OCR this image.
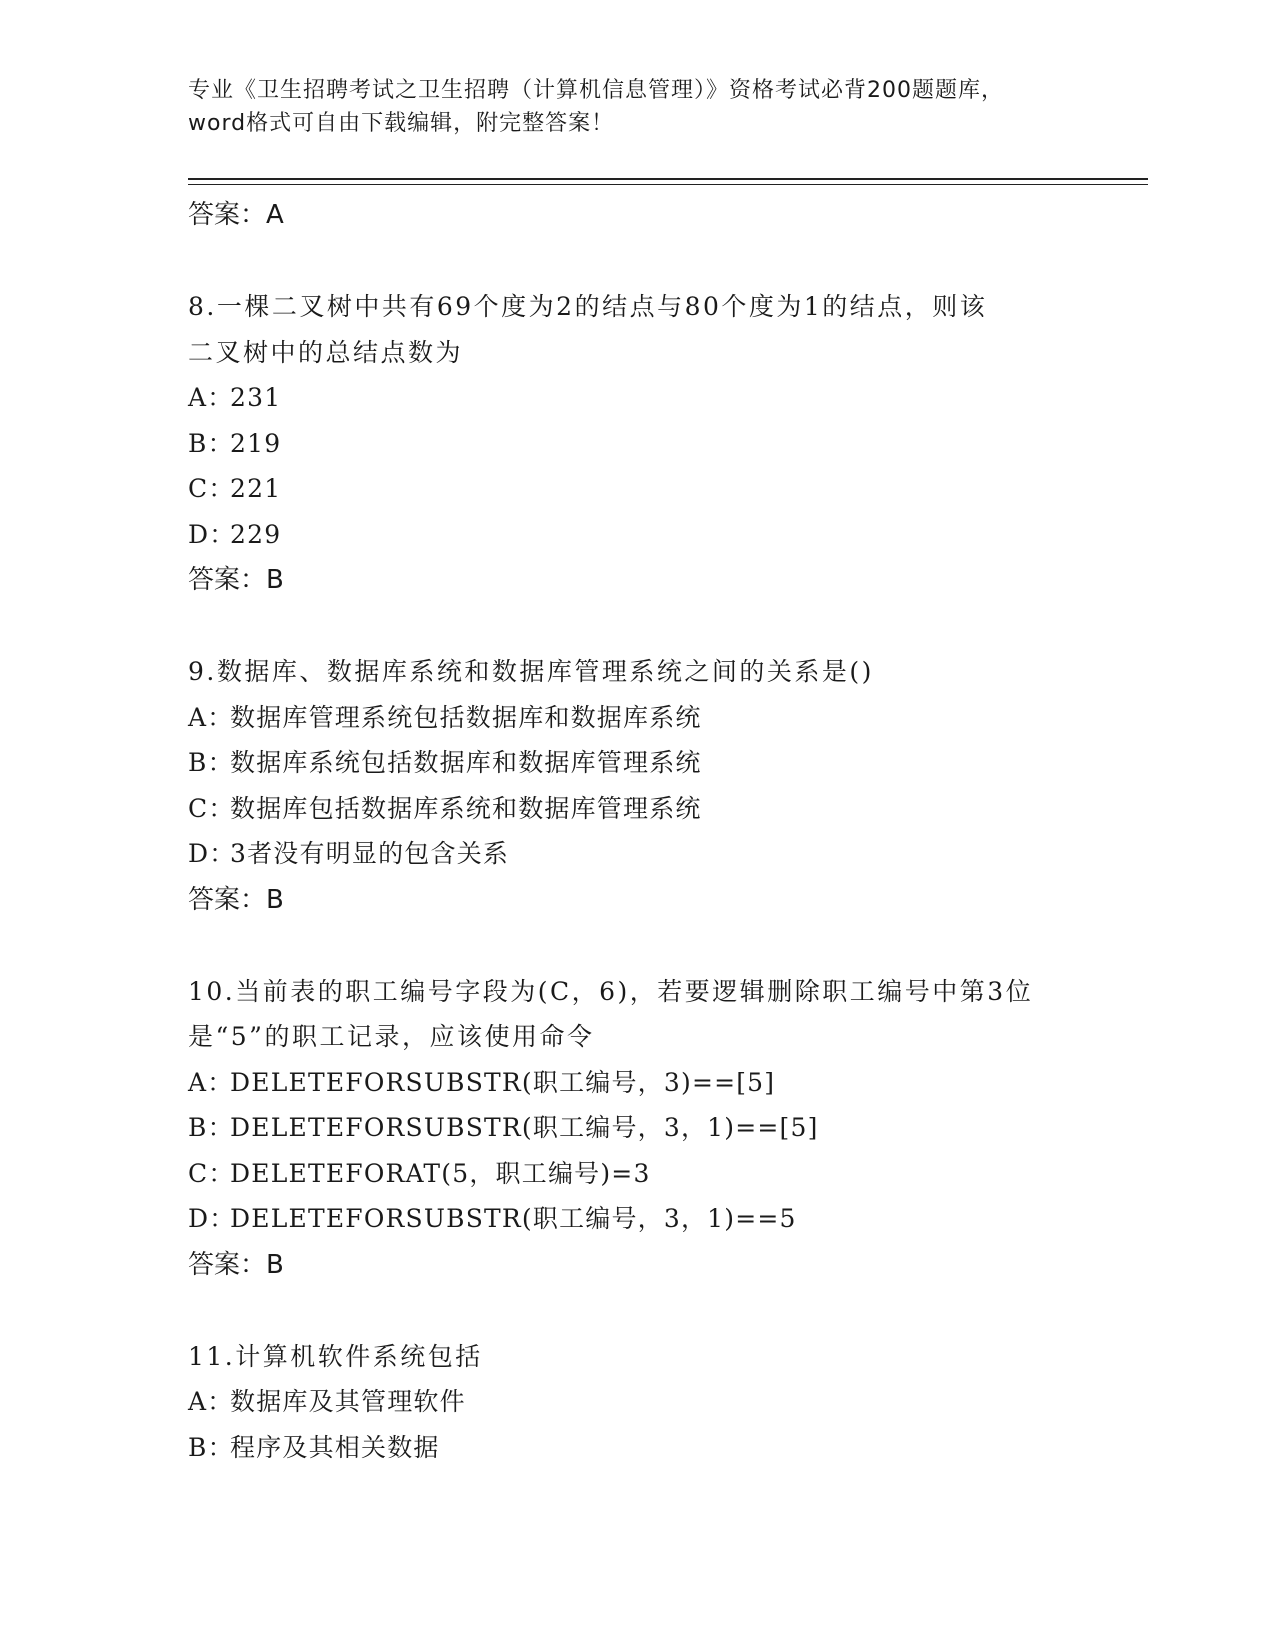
专业《卫生招聘考试之卫生招聘（计算机信息管理）》资格考试必背200题题库，
word格式可自由下载编辑，附完整答案！
答案：A
8.一棵二叉树中共有69个度为2的结点与80个度为1的结点，则该
二叉树中的总结点数为
A：231
B：219
C：221
D：229
答案：B
9.数据库、数据库系统和数据库管理系统之间的关系是()
A：数据库管理系统包括数据库和数据库系统
B：数据库系统包括数据库和数据库管理系统
C：数据库包括数据库系统和数据库管理系统
D：3者没有明显的包含关系
答案：B
10.当前表的职工编号字段为(C，6)，若要逻辑删除职工编号中第3位
是“5”的职工记录，应该使用命令
A：DELETEFORSUBSTR(职工编号，3)==[5]
B：DELETEFORSUBSTR(职工编号，3，1)==[5]
C：DELETEFORAT(5，职工编号)=3
D：DELETEFORSUBSTR(职工编号，3，1)==5
答案：B
11.计算机软件系统包括
A：数据库及其管理软件
B：程序及其相关数据
